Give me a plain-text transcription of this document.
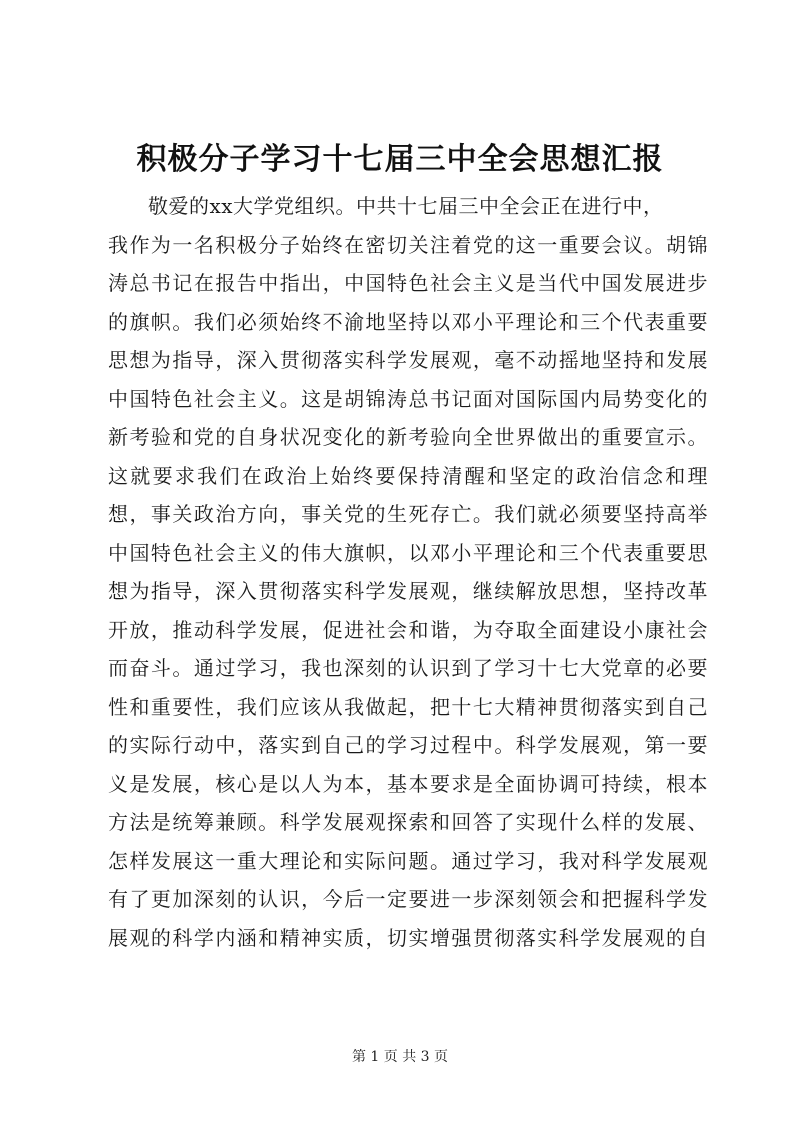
积极分子学习十七届三中全会思想汇报
敬爱的xx大学党组织。中共十七届三中全会正在进行中，
我作为一名积极分子始终在密切关注着党的这一重要会议。胡锦
涛总书记在报告中指出，中国特色社会主义是当代中国发展进步
的旗帜。我们必须始终不渝地坚持以邓小平理论和三个代表重要
思想为指导，深入贯彻落实科学发展观，毫不动摇地坚持和发展
中国特色社会主义。这是胡锦涛总书记面对国际国内局势变化的
新考验和党的自身状况变化的新考验向全世界做出的重要宣示。
这就要求我们在政治上始终要保持清醒和坚定的政治信念和理
想，事关政治方向，事关党的生死存亡。我们就必须要坚持高举
中国特色社会主义的伟大旗帜，以邓小平理论和三个代表重要思
想为指导，深入贯彻落实科学发展观，继续解放思想，坚持改革
开放，推动科学发展，促进社会和谐，为夺取全面建设小康社会
而奋斗。通过学习，我也深刻的认识到了学习十七大党章的必要
性和重要性，我们应该从我做起，把十七大精神贯彻落实到自己
的实际行动中，落实到自己的学习过程中。科学发展观，第一要
义是发展，核心是以人为本，基本要求是全面协调可持续，根本
方法是统筹兼顾。科学发展观探索和回答了实现什么样的发展、
怎样发展这一重大理论和实际问题。通过学习，我对科学发展观
有了更加深刻的认识，今后一定要进一步深刻领会和把握科学发
展观的科学内涵和精神实质，切实增强贯彻落实科学发展观的自
第 1 页 共 3 页
